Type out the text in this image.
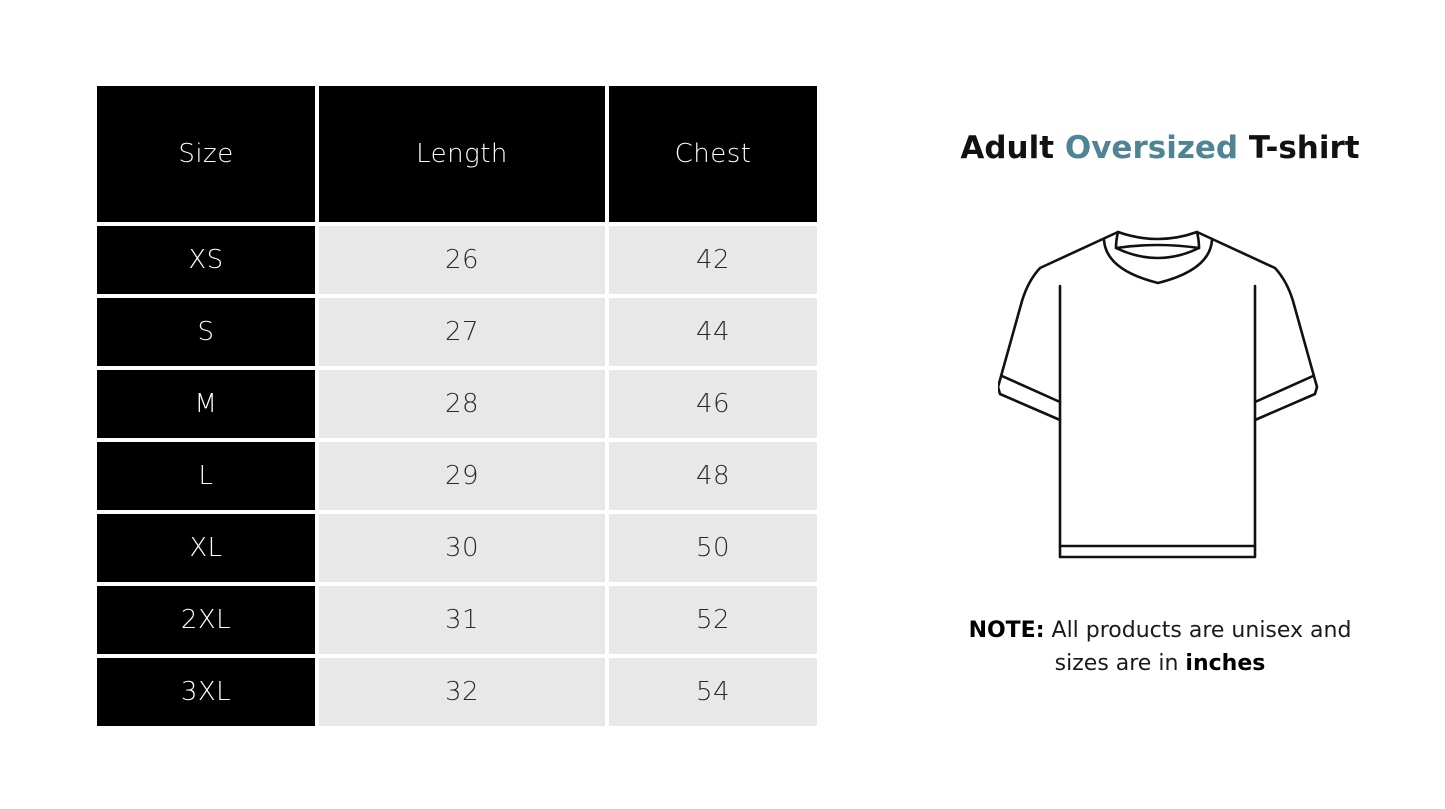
Size	Length	Chest
XS	26	42
S	27	44
M	28	46
L	29	48
XL	30	50
2XL	31	52
3XL	32	54
Adult Oversized T-shirt
NOTE: All products are unisex and
sizes are in inches
